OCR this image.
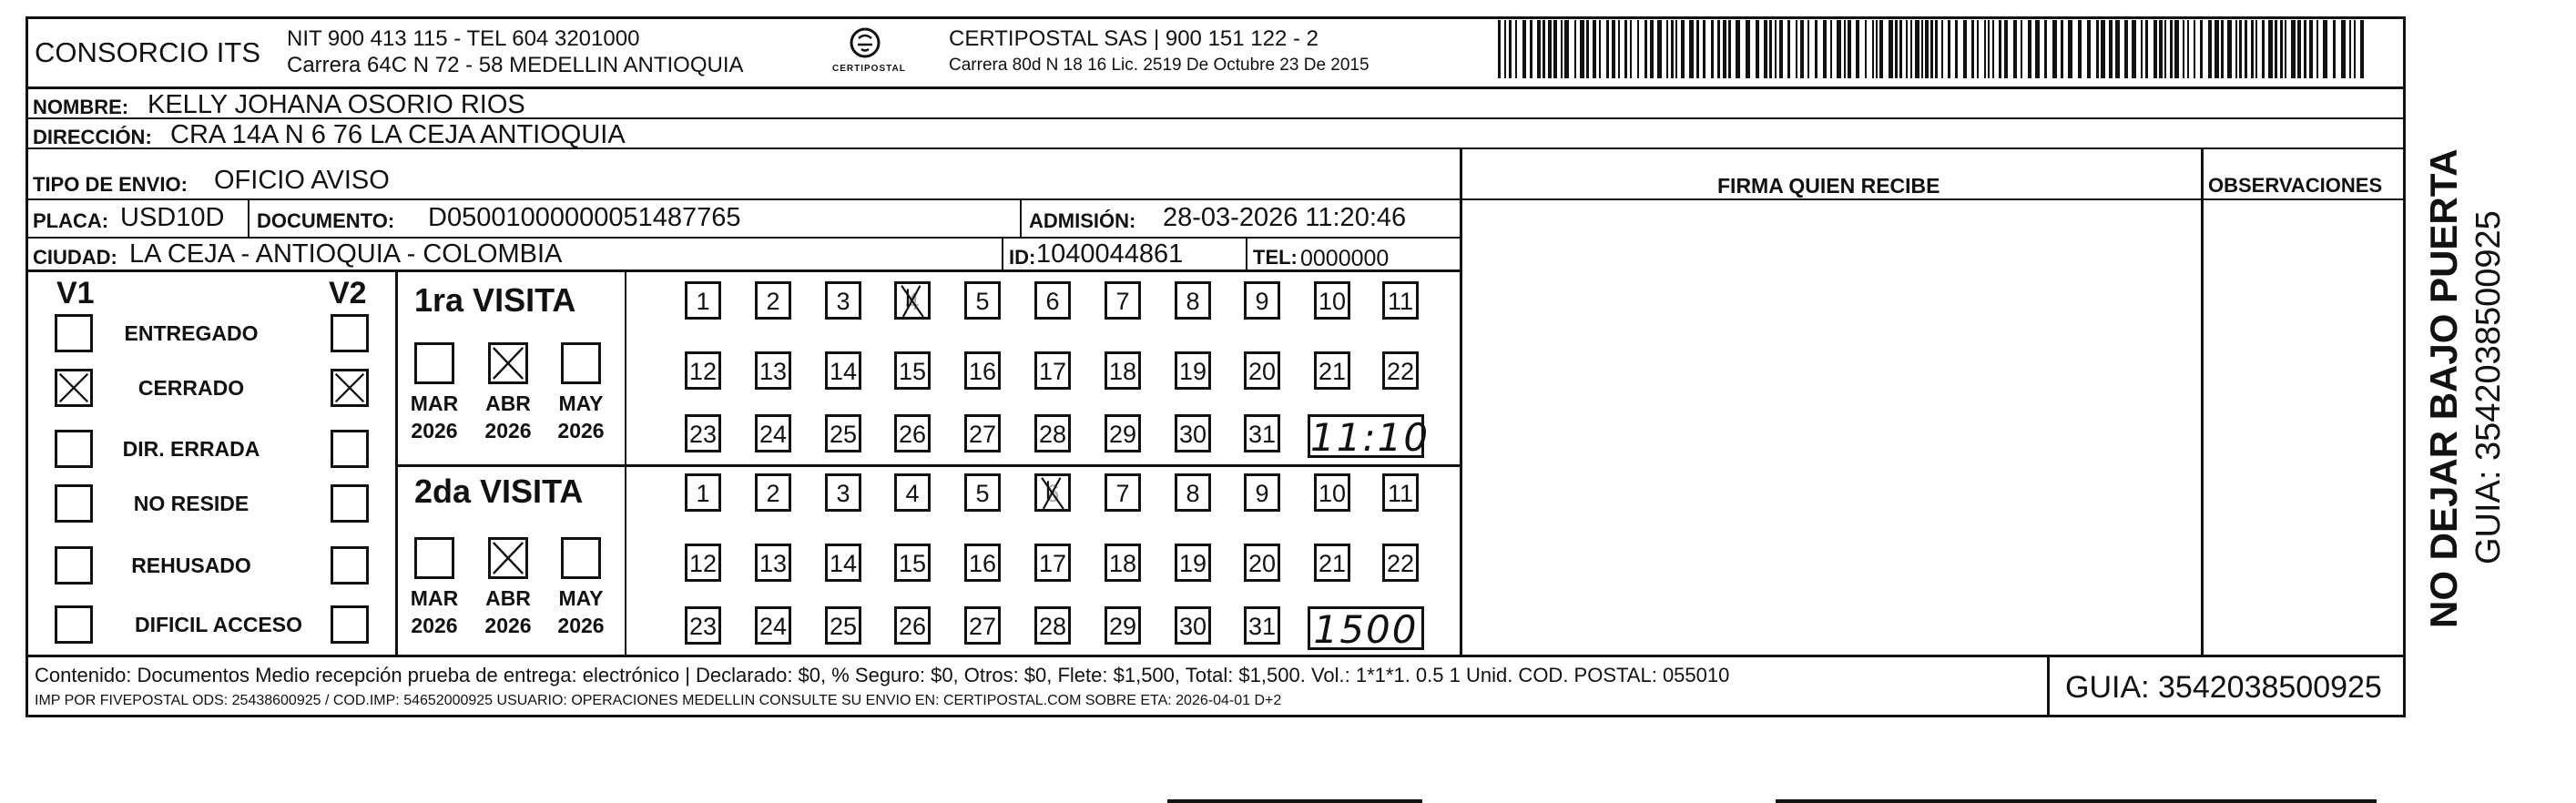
CONSORCIO ITS NIT 900 413 115 - TEL 604 3201000
Carrera 64C N 72 - 58 MEDELLIN ANTIOQUIA	CERTIPOSTAL
CERTIPOSTAL SAS | 900 151 122 - 2
Carrera 80d N 18 16 Lic. 2519 De Octubre 23 De 2015
NOMBRE: KELLY JOHANA OSORIO RIOS
DIRECCIÓN: CRA 14A N 6 76 LA CEJA ANTIOQUIA
TIPO DE ENVIO: OFICIO AVISO
PLACA: USD10D DOCUMENTO: D05001000000051487765	ADMISIÓN: 28-03-2026 11:20:46
CIUDAD: LA CEJA - ANTIOQUIA - COLOMBIA	ID: 1040044861	TEL: 0000000
FIRMA QUIEN RECIBE	OBSERVACIONES
V1	V2
Contenido: Documentos Medio recepción prueba de entrega: electrónico | Declarado: $0, % Seguro: $0, Otros: $0, Flete: $1,500, Total: $1,500. Vol.: 1*1*1. 0.5 1 Unid. COD. POSTAL: 055010
IMP POR FIVEPOSTAL ODS: 25438600925 / COD.IMP: 54652000925 USUARIO: OPERACIONES MEDELLIN CONSULTE SU ENVIO EN: CERTIPOSTAL.COM SOBRE ETA: 2026-04-01 D+2	GUIA: 3542038500925
NO DEJAR BAJO PUERTA GUIA: 3542038500925
ENTREGADO
CERRADO
DIR. ERRADA
NO RESIDE
REHUSADO
DIFICIL ACCESO
1ra VISITA
MAR
2026
ABR
2026
MAY
2026
1	2	3	4	5	6	7	8	9	10 11
12 13 14 15 16 17 18 19 20 21 22
23 24 25 26 27 28 29 30 31 11:10
2da VISITA
MAR
2026
ABR
2026
MAY
2026
1	2	3	4	5	6	7	8	9	10 11
12 13 14 15 16 17 18 19 20 21 22
23 24 25 26 27 28 29 30 31 1500
